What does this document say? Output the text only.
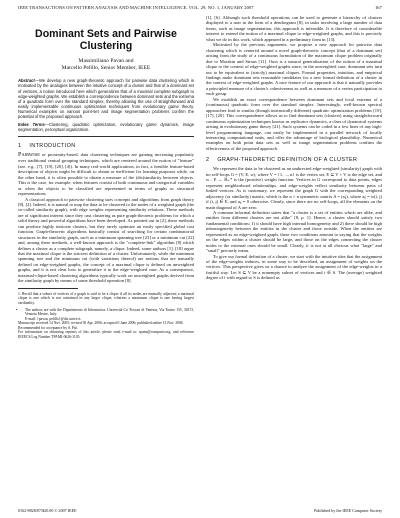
IEEE TRANSACTIONS ON PATTERN ANALYSIS AND MACHINE INTELLIGENCE, VOL. 29, NO. 1, JANUARY 2007	167
Dominant Sets and Pairwise Clustering
Massimiliano Pavan and
Marcello Pelillo, Senior Member, IEEE
Abstract—We develop a new graph-theoretic approach for pairwise data clustering which is motivated by the analogies between the intuitive concept of a cluster and that of a dominant set of vertices, a notion introduced here which generalizes that of a maximal complete subgraph to edge-weighted graphs. We establish a correspondence between dominant sets and the extrema of a quadratic form over the standard simplex, thereby allowing the use of straightforward and easily implementable continuous optimization techniques from evolutionary game theory. Numerical examples on various point-set and image segmentation problems confirm the potential of the proposed approach.
Index Terms—Clustering, quadratic optimization, evolutionary game dynamics, image segmentation, perceptual organization.
1 INTRODUCTION

PAIRWISE or proximity-based, data clustering techniques are gaining increasing popularity over traditional central grouping techniques, which are centered around the notion of "feature" (see, e.g., [7], [19], [20], [4]). In many real-world applications, in fact, a feasible feature-based description of objects might be difficult to obtain or inefficient for learning purposes while, on the other hand, it is often possible to obtain a measure of the (dis)similarity between objects. This is the case, for example, when features consist of both continuous and categorical variables or when the objects to be classified are represented in terms of graphs or structural representations.

A classical approach to pairwise clustering uses concepts and algorithms from graph theory [8], [2]. Indeed, it is natural to map the data to be clustered to the nodes of a weighted graph (the so-called similarity graph), with edge weights representing similarity relations. These methods are of significant interest since they cast clustering as pure graph-theoretic problems for which a solid theory and powerful algorithms have been developed. As pointed out in [2], these methods can produce highly intricate clusters, but they rarely optimize an easily specified global cost function. Graph-theoretic algorithms basically consist of searching for certain combinatorial structures in the similarity graph, such as a minimum spanning tree [23] or a minimum cut [22] and, among these methods, a well-known approach is the "complete-link" algorithm [8] which defines a cluster as a complete subgraph, namely, a clique. Indeed, some authors [1], [18] argue that the maximal clique is the strictest definition of a cluster. Unfortunately, while the minimum spanning tree and the minimum cut (with variations thereof) are notions that are naturally defined on edge-weighted graphs, the concept of a maximal clique is defined on unweighted graphs, and it is not clear how to generalize it to the edge-weighted case. As a consequence, maximal-clique-based clustering algorithms typically work on unweighted graphs derived from the similarity graph by means of some threshold operation [8].

1. Recall that a subset of vertices of a graph is said to be a clique if all its nodes are mutually adjacent; a maximal clique is one which is not contained in any larger clique, whereas a maximum clique is one having largest cardinality.
• The authors are with the Dipartimento di Informatica, Università Ca' Foscari di Venezia, Via Torino 155, 30172, Venezia Mestre, Italy.
E-mail: {pavan, pelillo}@dsi.unive.it.
Manuscript received 14 Nov. 2005; revised 30 Apr. 2006; accepted 6 June 2006; published online 13 Nov. 2006.
Recommended for acceptance by S. Pal.
For information on obtaining reprints of this article, please send e-mail to: tpami@computer.org, and reference IEEECS Log Number TPAMI-0626-1105.

[1], [6]. Although such threshold operations can be used to generate a hierarchy of clusters displayed to a user in the form of a dendrogram [8], in tasks involving a large number of data items, such as image segmentation, this approach is infeasible. It is therefore of considerable interest to extend the notion of a maximal clique to edge-weighted graphs, and this is precisely what we do in this work, which appeared in a preliminary form in [13].

Motivated by the previous arguments, we propose a new approach for pairwise data clustering which is centered around a novel graph-theoretic concept (that of a dominant set) arising from the study of a continuous formulation of the maximum clique problem originally due to Motzkin and Straus [11]. Ours is a natural generalization of the notion of a maximal clique to the context of edge-weighted graphs since, in the unweighted case, dominant sets turn out to be equivalent to (strictly) maximal cliques. Formal properties, intuition, and empirical findings make dominant sets reasonable candidates for a new formal definition of a cluster in the context of edge-weighted graphs. A nice feature of our approach is that it naturally provides a principled measure of a cluster's cohesiveness as well as a measure of a vertex participation to each group.

We establish an exact correspondence between dominant sets and local extrema of a (continuous) quadratic form over the standard simplex. Interestingly, well-known spectral approaches lead to similar (though intrinsically different) quadratic optimization problems [19], [17], [20]. This correspondence allows us to find dominant sets (clusters) using straightforward continuous optimization techniques known as replicator dynamics, a class of dynamical systems arising in evolutionary game theory [21]. Such systems can be coded in a few lines of any high-level programming language, can easily be implemented in a parallel network of locally interacting computational units, and offer the advantage of biological plausibility. Numerical examples on both point data sets as well as image segmentation problems confirm the effectiveness of the proposed approach.

2 GRAPH-THEORETIC DEFINITION OF A CLUSTER

We represent the data to be clustered as an undirected edge-weighted (similarity) graph with no self-loops G = (V, E, w), where V = {1, ..., n} is the vertex set, E ⊆ V × V is the edge set, and w : E → ℝ₊* is the (positive) weight function. Vertices in G correspond to data points, edges represent neighborhood relationships, and edge-weights reflect similarity between pairs of linked vertices. As is customary, we represent the graph G with the corresponding weighted adjacency (or similarity) matrix, which is the n × n symmetric matrix A = (aᵢⱼ), where aᵢⱼ = w(i, j) if (i, j) ∈ E, and aᵢⱼ = 0 otherwise. Clearly, since there are no self-loops, all the elements on the main diagonal of A are zero.

A common informal definition states that "a cluster is a set of entities which are alike, and entities from different clusters are not alike" [8, p. 1]. Hence, a cluster should satisfy two fundamental conditions: 1) it should have high internal homogeneity and 2) there should be high inhomogeneity between the entities in the cluster and those outside. When the entities are represented as an edge-weighted graph, these two conditions amount to saying that the weights on the edges within a cluster should be large, and those on the edges connecting the cluster nodes to the external ones should be small. Clearly, it is not at all obvious what "large" and "small" precisely mean.

To give our formal definition of a cluster, we start with the intuitive idea that the assignment of the edge-weights induces, in some way to be described, an assignment of weights on the vertices. This perspective gives us a chance to analyze the assignment of the edge-weights in a fruitful way. Let S ⊆ V be a nonempty subset of vertices and i ∈ S. The (average) weighted degree of i with regard to S is defined as

0162-8828/07/$20.00 © 2007 IEEE	Published by the IEEE Computer Society
